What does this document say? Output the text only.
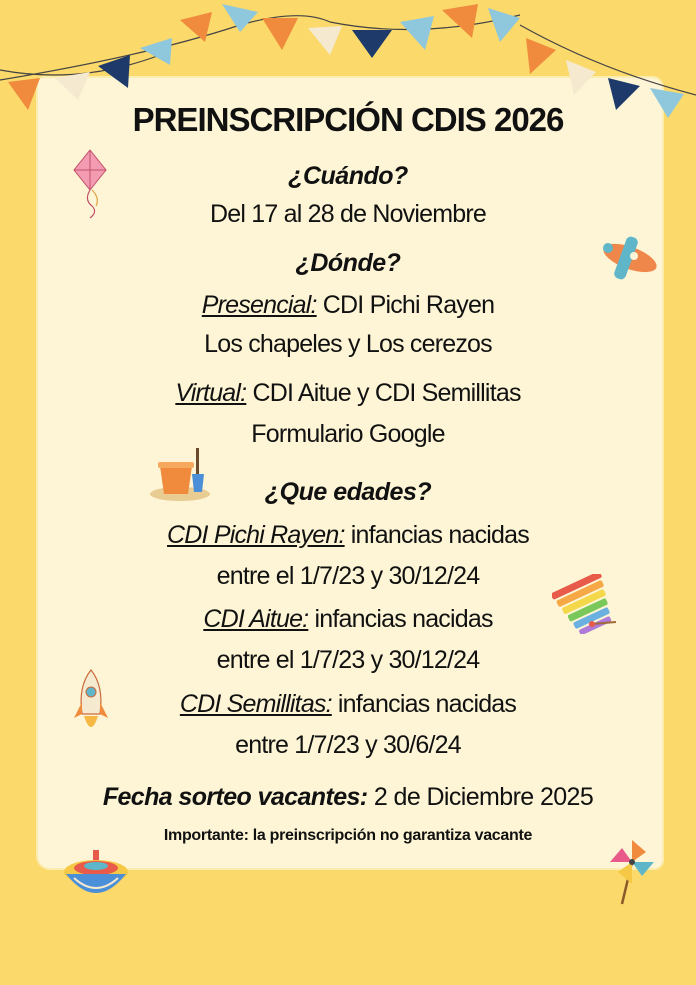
PREINSCRIPCIÓN CDIS 2026
¿Cuándo?
Del 17 al 28 de Noviembre
¿Dónde?
Presencial: CDI Pichi Rayen
Los chapeles y Los cerezos
Virtual: CDI Aitue y CDI Semillitas
Formulario Google
¿Que edades?
CDI Pichi Rayen: infancias nacidas
entre el 1/7/23 y 30/12/24
CDI Aitue: infancias nacidas
entre el 1/7/23 y 30/12/24
CDI Semillitas: infancias nacidas
entre 1/7/23 y 30/6/24
Fecha sorteo vacantes: 2 de Diciembre 2025
Importante: la preinscripción no garantiza vacante
